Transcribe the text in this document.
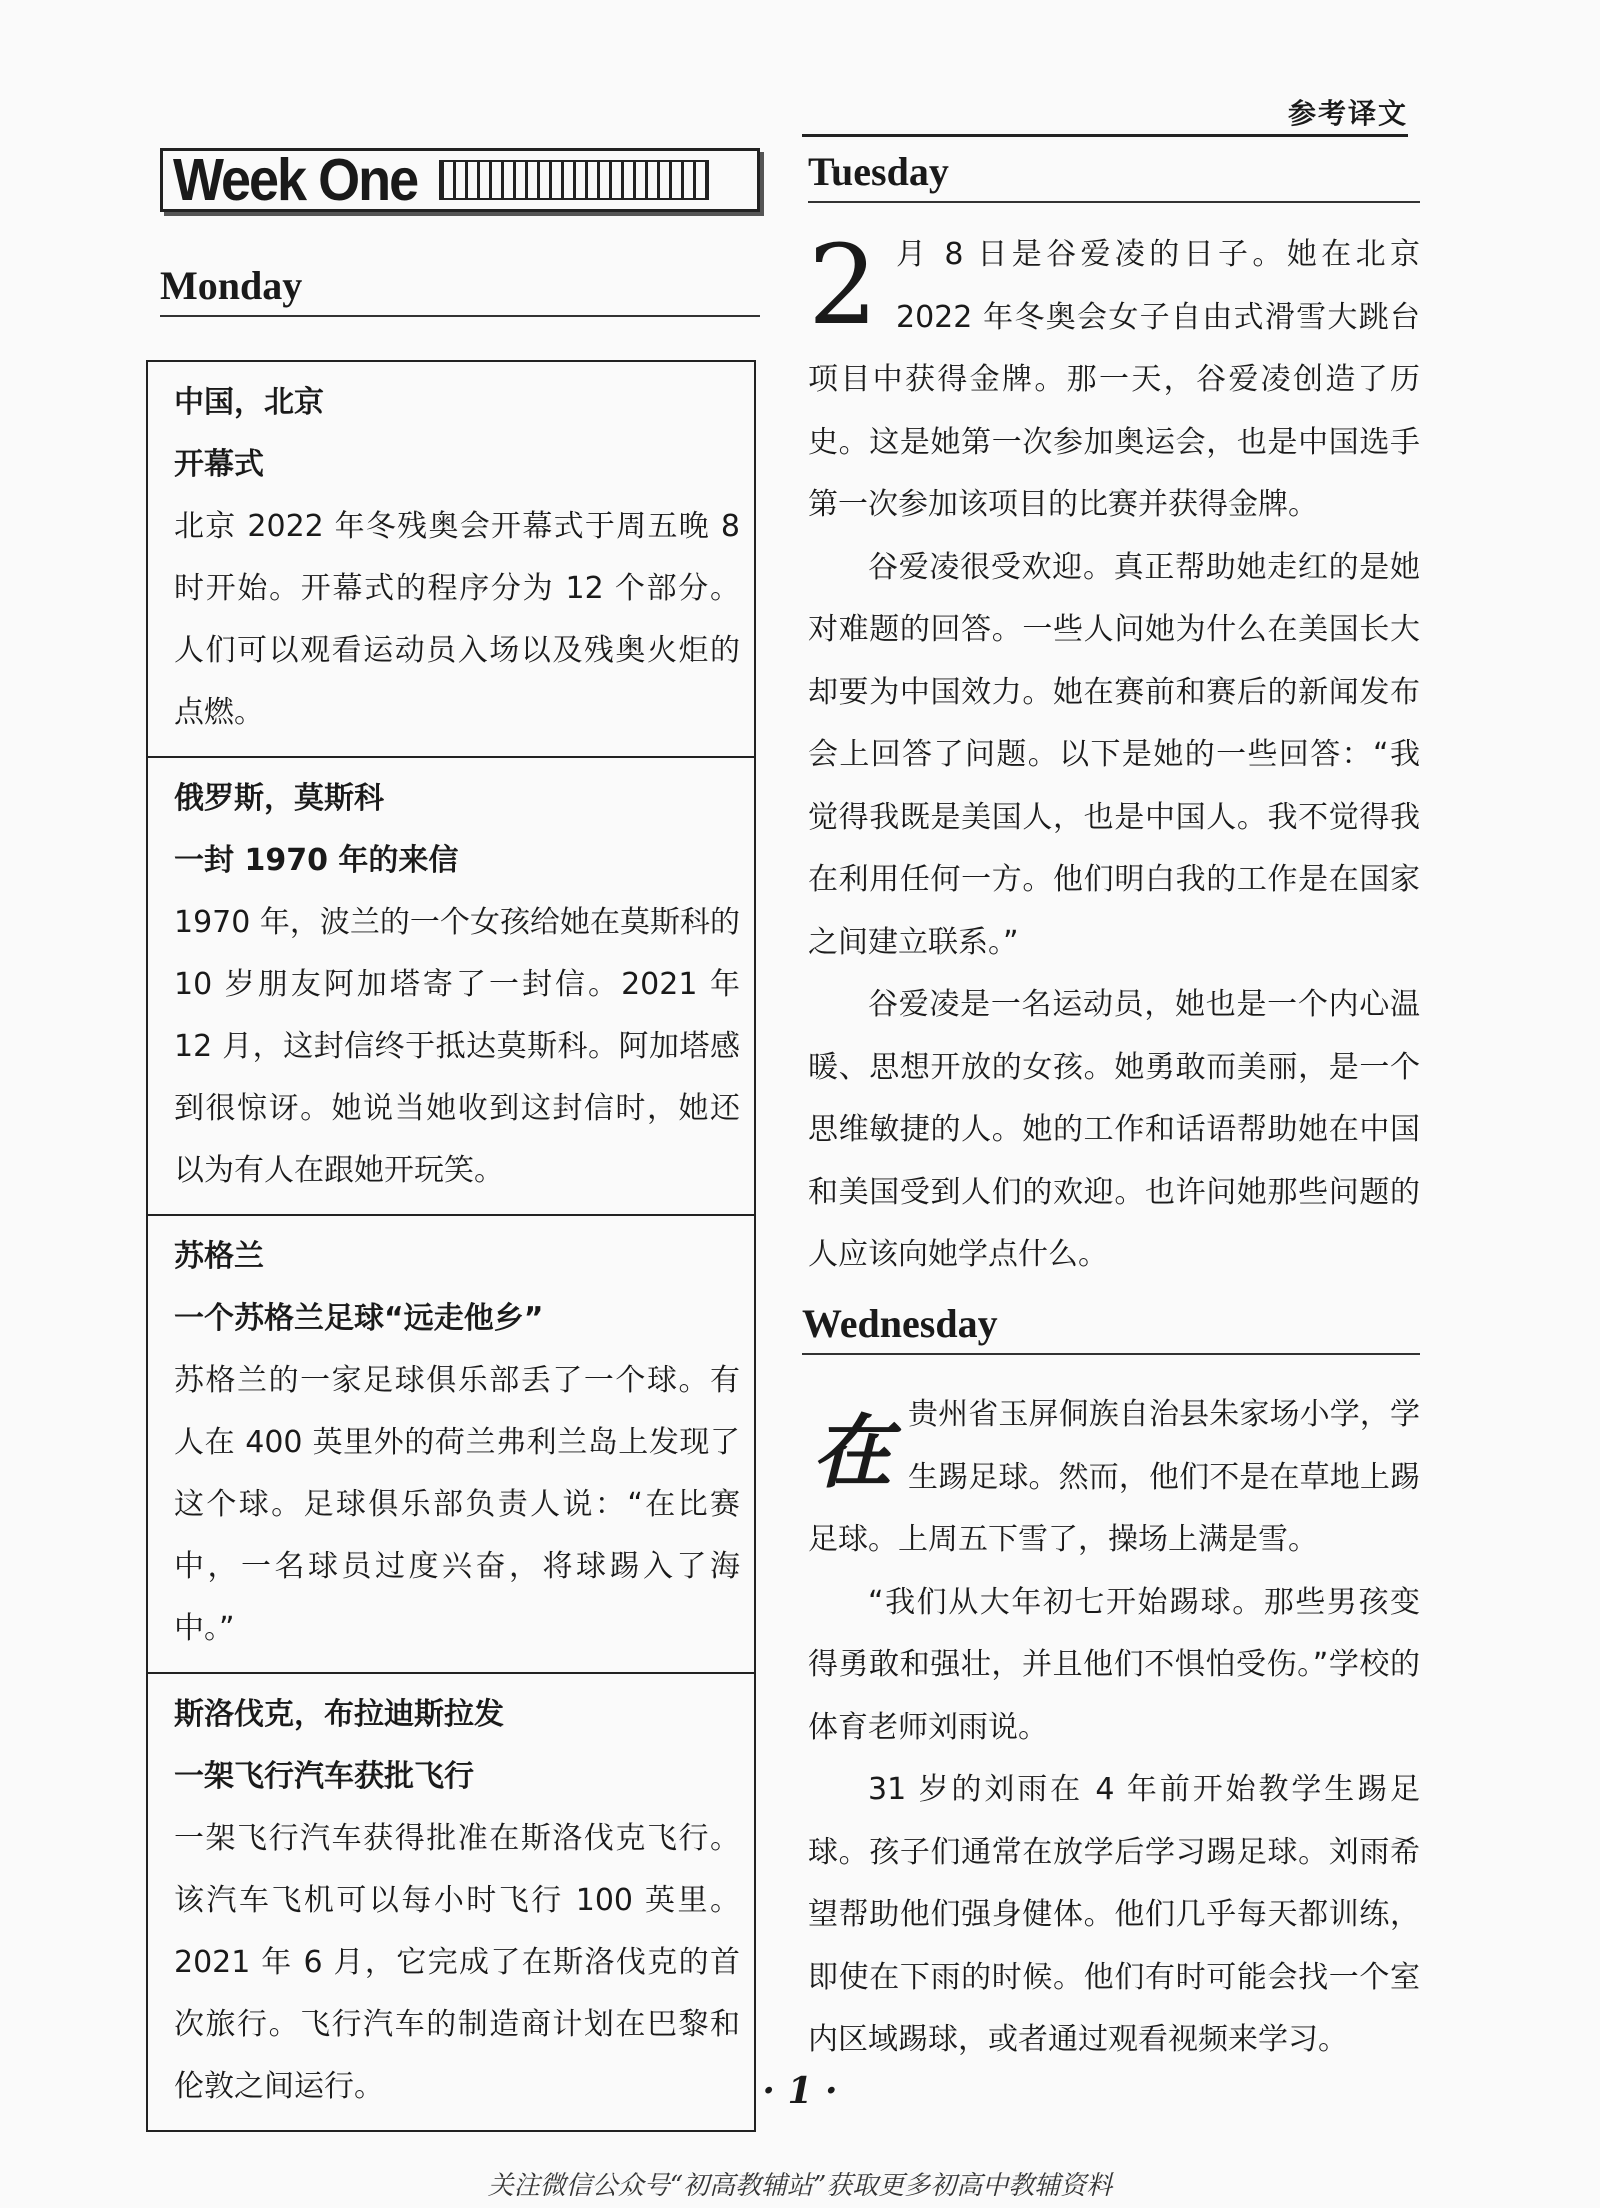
参考译文
Week One
Monday
中国，北京
开幕式
北京 2022 年冬残奥会开幕式于周五晚 8 时开始。开幕式的程序分为 12 个部分。人们可以观看运动员入场以及残奥火炬的点燃。
俄罗斯，莫斯科
一封 1970 年的来信
1970 年，波兰的一个女孩给她在莫斯科的 10 岁朋友阿加塔寄了一封信。2021 年 12 月，这封信终于抵达莫斯科。阿加塔感到很惊讶。她说当她收到这封信时，她还以为有人在跟她开玩笑。
苏格兰
一个苏格兰足球“远走他乡”
苏格兰的一家足球俱乐部丢了一个球。有人在 400 英里外的荷兰弗利兰岛上发现了这个球。足球俱乐部负责人说：“在比赛中，一名球员过度兴奋，将球踢入了海中。”
斯洛伐克，布拉迪斯拉发
一架飞行汽车获批飞行
一架飞行汽车获得批准在斯洛伐克飞行。该汽车飞机可以每小时飞行 100 英里。2021 年 6 月，它完成了在斯洛伐克的首次旅行。飞行汽车的制造商计划在巴黎和伦敦之间运行。
Tuesday

2 月 8 日是谷爱凌的日子。她在北京 2022 年冬奥会女子自由式滑雪大跳台项目中获得金牌。那一天，谷爱凌创造了历史。这是她第一次参加奥运会，也是中国选手第一次参加该项目的比赛并获得金牌。

谷爱凌很受欢迎。真正帮助她走红的是她对难题的回答。一些人问她为什么在美国长大却要为中国效力。她在赛前和赛后的新闻发布会上回答了问题。以下是她的一些回答：“我觉得我既是美国人，也是中国人。我不觉得我在利用任何一方。他们明白我的工作是在国家之间建立联系。”

谷爱凌是一名运动员，她也是一个内心温暖、思想开放的女孩。她勇敢而美丽，是一个思维敏捷的人。她的工作和话语帮助她在中国和美国受到人们的欢迎。也许问她那些问题的人应该向她学点什么。

Wednesday

在贵州省玉屏侗族自治县朱家场小学，学生踢足球。然而，他们不是在草地上踢足球。上周五下雪了，操场上满是雪。

“我们从大年初七开始踢球。那些男孩变得勇敢和强壮，并且他们不惧怕受伤。”学校的体育老师刘雨说。

31 岁的刘雨在 4 年前开始教学生踢足球。孩子们通常在放学后学习踢足球。刘雨希望帮助他们强身健体。他们几乎每天都训练，即使在下雨的时候。他们有时可能会找一个室内区域踢球，或者通过观看视频来学习。

· 1 ·
关注微信公众号“初高教辅站”获取更多初高中教辅资料
